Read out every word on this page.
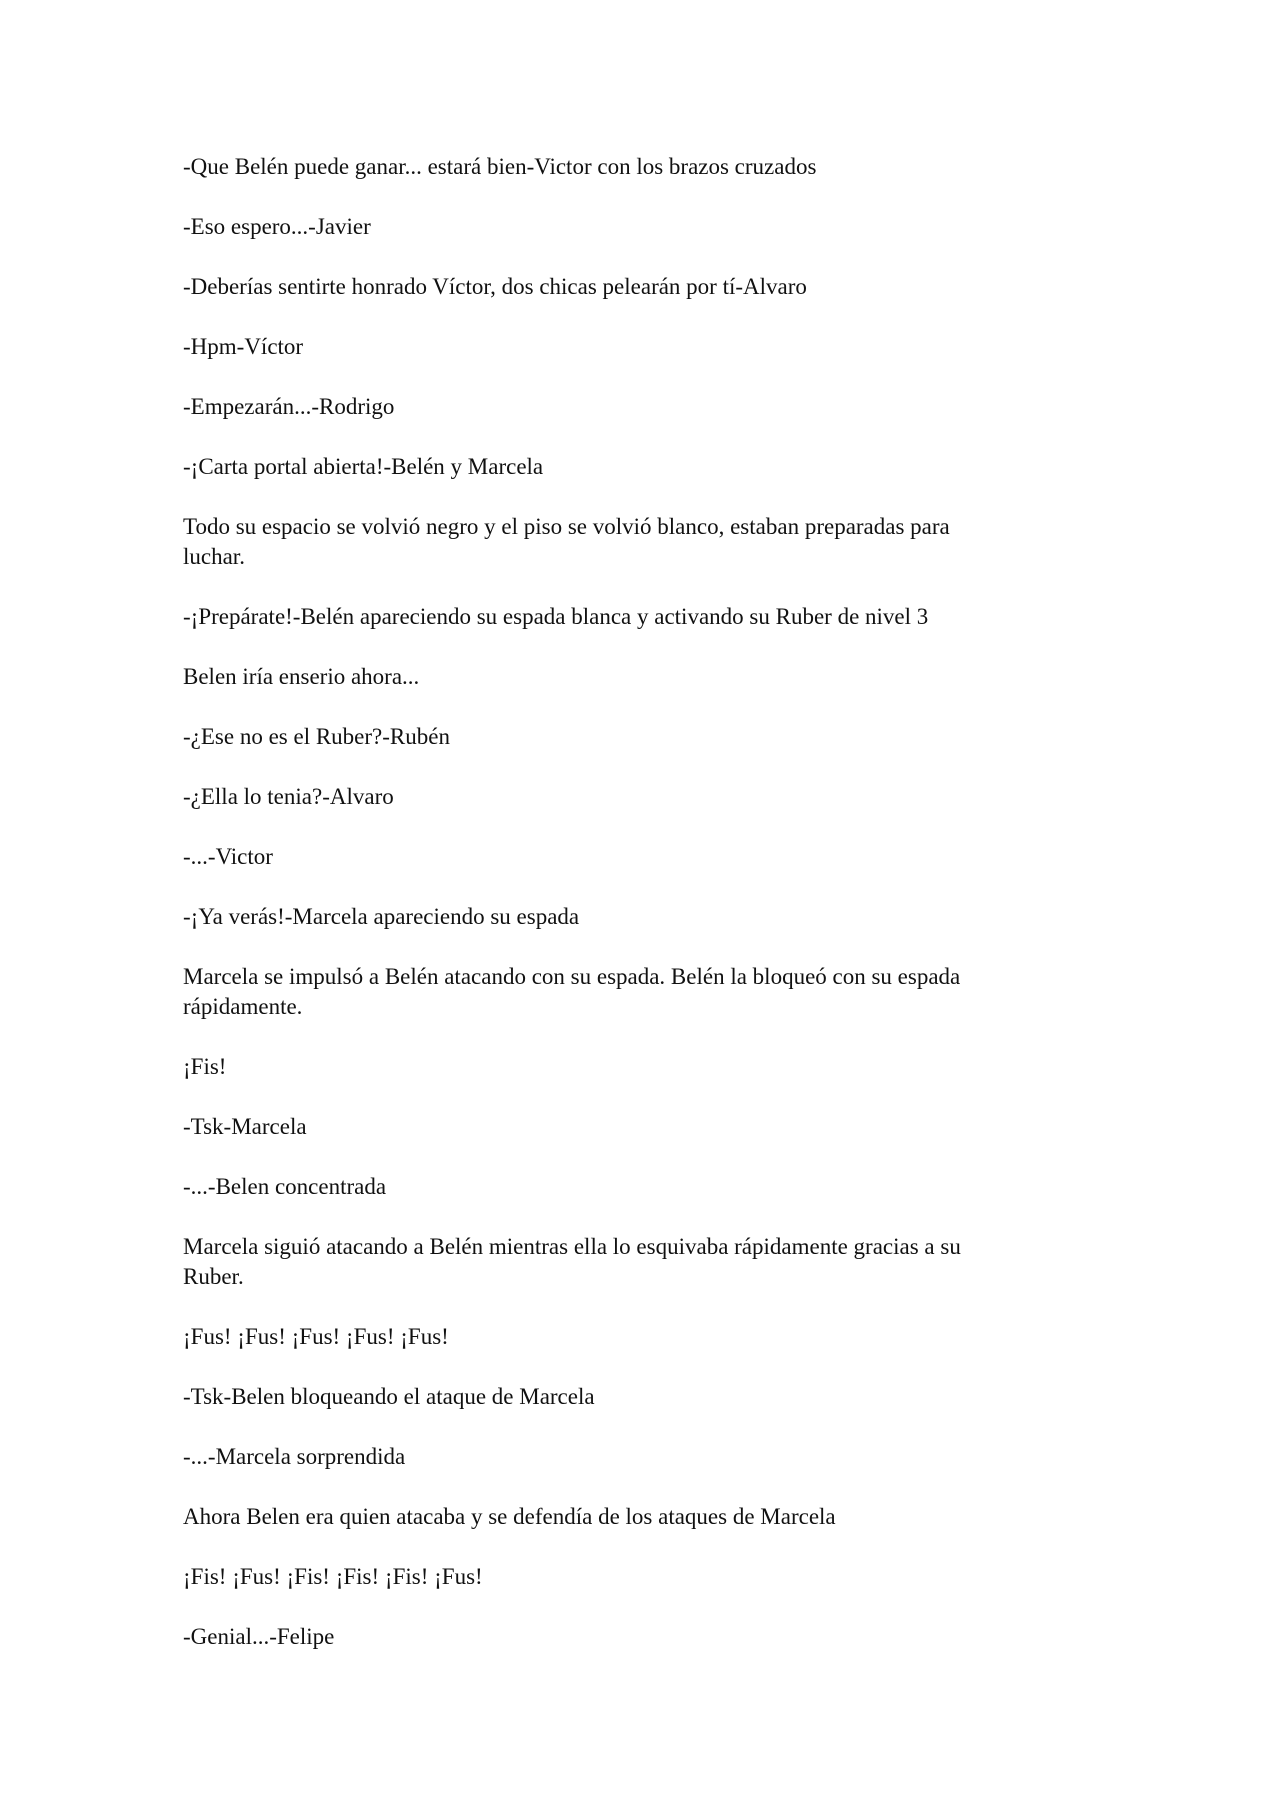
-Que Belén puede ganar... estará bien-Victor con los brazos cruzados

-Eso espero...-Javier

-Deberías sentirte honrado Víctor, dos chicas pelearán por tí-Alvaro

-Hpm-Víctor

-Empezarán...-Rodrigo

-¡Carta portal abierta!-Belén y Marcela

Todo su espacio se volvió negro y el piso se volvió blanco, estaban preparadas para
luchar.

-¡Prepárate!-Belén apareciendo su espada blanca y activando su Ruber de nivel 3

Belen iría enserio ahora...

-¿Ese no es el Ruber?-Rubén

-¿Ella lo tenia?-Alvaro

-...-Victor

-¡Ya verás!-Marcela apareciendo su espada

Marcela se impulsó a Belén atacando con su espada. Belén la bloqueó con su espada
rápidamente.

¡Fis!

-Tsk-Marcela

-...-Belen concentrada

Marcela siguió atacando a Belén mientras ella lo esquivaba rápidamente gracias a su
Ruber.

¡Fus! ¡Fus! ¡Fus! ¡Fus! ¡Fus!

-Tsk-Belen bloqueando el ataque de Marcela

-...-Marcela sorprendida

Ahora Belen era quien atacaba y se defendía de los ataques de Marcela

¡Fis! ¡Fus! ¡Fis! ¡Fis! ¡Fis! ¡Fus!

-Genial...-Felipe
